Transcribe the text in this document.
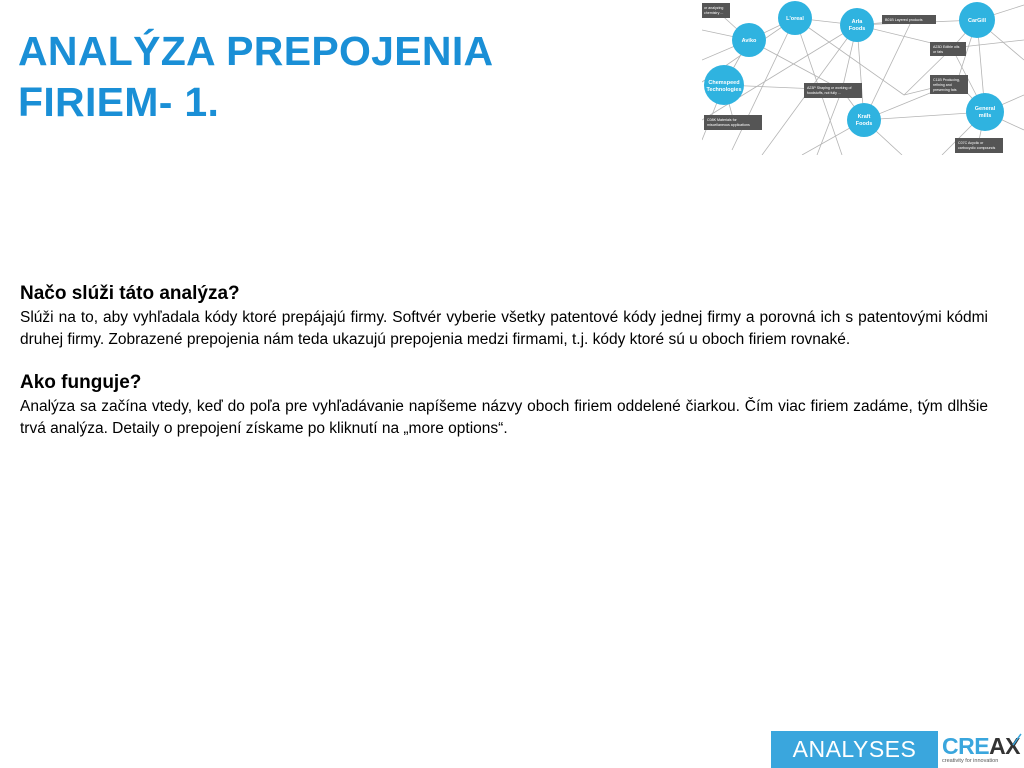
ANALÝZA PREPOJENIA
FIRIEM- 1.
or analyzing
chemistry ...
B01B Layered products
A23D Edible oils
or fats
A23P Shaping or working of
foodstuffs, not fully ...
C11B Producing,
refining and
preserving fats
C08K Materials for
miscellaneous applications
C07C Acyclic or
carbocyclic compounds
L'oreal	Arla
Foods
CarGill
Aviko
Chemspeed
Technologies
Kraft
Foods
General
mills
Načo slúži táto analýza?

Slúži na to, aby vyhľadala kódy ktoré prepájajú firmy. Softvér vyberie všetky patentové kódy jednej firmy a porovná ich s patentovými kódmi druhej firmy. Zobrazené prepojenia nám teda ukazujú prepojenia medzi firmami, t.j. kódy ktoré sú u oboch firiem rovnaké.

Ako funguje?

Analýza sa začína vtedy, keď do poľa pre vyhľadávanie napíšeme názvy oboch firiem oddelené čiarkou. Čím viac firiem zadáme, tým dlhšie trvá analýza. Detaily o prepojení získame po kliknutí na „more options“.

ANALYSES	CREAX
creativity for innovation
